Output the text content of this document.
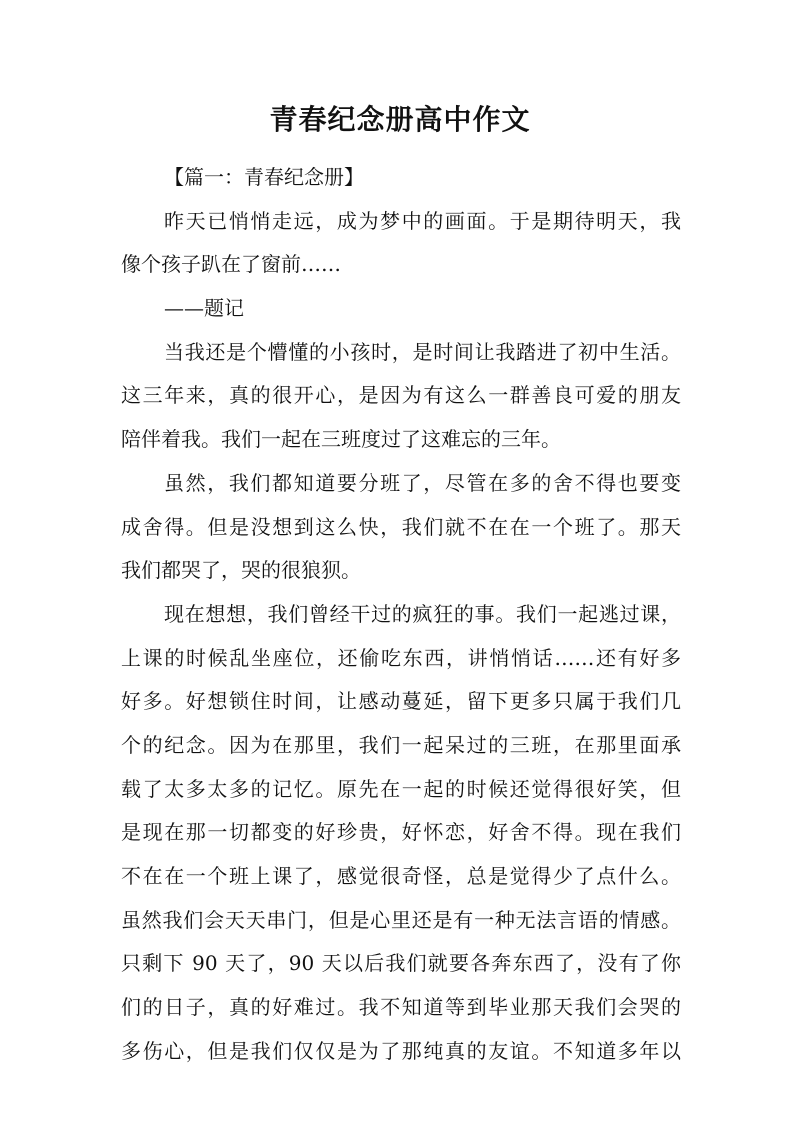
青春纪念册高中作文
【篇一：青春纪念册】
昨天已悄悄走远，成为梦中的画面。于是期待明天，我
像个孩子趴在了窗前……
——题记
当我还是个懵懂的小孩时，是时间让我踏进了初中生活。
这三年来，真的很开心，是因为有这么一群善良可爱的朋友
陪伴着我。我们一起在三班度过了这难忘的三年。
虽然，我们都知道要分班了，尽管在多的舍不得也要变
成舍得。但是没想到这么快，我们就不在在一个班了。那天
我们都哭了，哭的很狼狈。
现在想想，我们曾经干过的疯狂的事。我们一起逃过课，
上课的时候乱坐座位，还偷吃东西，讲悄悄话……还有好多
好多。好想锁住时间，让感动蔓延，留下更多只属于我们几
个的纪念。因为在那里，我们一起呆过的三班，在那里面承
载了太多太多的记忆。原先在一起的时候还觉得很好笑，但
是现在那一切都变的好珍贵，好怀恋，好舍不得。现在我们
不在在一个班上课了，感觉很奇怪，总是觉得少了点什么。
虽然我们会天天串门，但是心里还是有一种无法言语的情感。
只剩下 90 天了，90 天以后我们就要各奔东西了，没有了你
们的日子，真的好难过。我不知道等到毕业那天我们会哭的
多伤心，但是我们仅仅是为了那纯真的友谊。不知道多年以
